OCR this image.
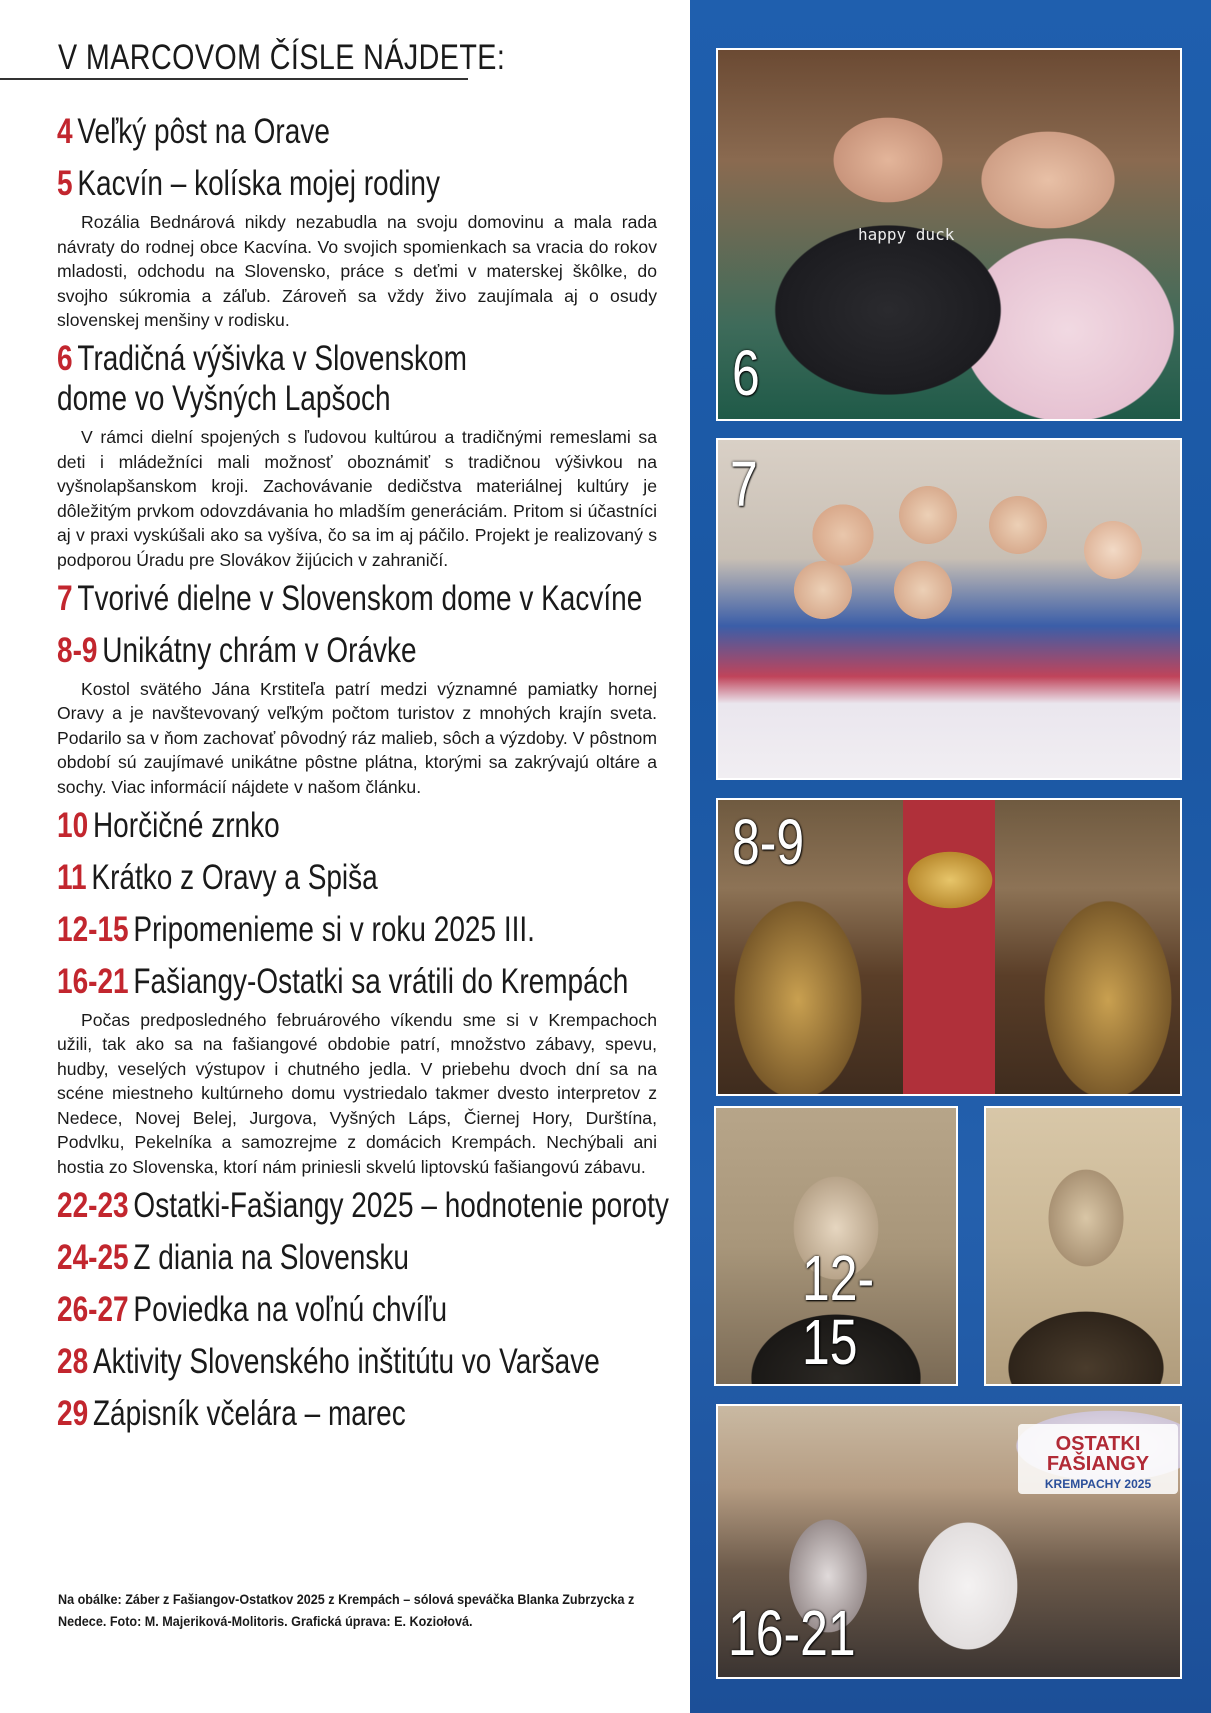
V MARCOVOM ČÍSLE NÁJDETE:
4 Veľký pôst na Orave
5 Kacvín – kolíska mojej rodiny

Rozália Bednárová nikdy nezabudla na svoju domovinu a mala rada návraty do rodnej obce Kacvína. Vo svojich spomienkach sa vracia do rokov mladosti, odchodu na Slovensko, práce s deťmi v materskej škôlke, do svojho súkromia a záľub. Zároveň sa vždy živo zaujímala aj o osudy slovenskej menšiny v rodisku.

6 Tradičná výšivka v Slovenskom dome vo Vyšných Lapšoch

V rámci dielní spojených s ľudovou kultúrou a tradičnými remeslami sa deti i mládežníci mali možnosť oboznámiť s tradičnou výšivkou na vyšnolapšanskom kroji. Zachovávanie dedičstva materiálnej kultúry je dôležitým prvkom odovzdávania ho mladším generáciám. Pritom si účastníci aj v praxi vyskúšali ako sa vyšíva, čo sa im aj páčilo. Projekt je realizovaný s podporou Úradu pre Slovákov žijúcich v zahraničí.

7 Tvorivé dielne v Slovenskom dome v Kacvíne
8-9 Unikátny chrám v Orávke

Kostol svätého Jána Krstiteľa patrí medzi významné pamiatky hornej Oravy a je navštevovaný veľkým počtom turistov z mnohých krajín sveta. Podarilo sa v ňom zachovať pôvodný ráz malieb, sôch a výzdoby. V pôstnom období sú zaujímavé unikátne pôstne plátna, ktorými sa zakrývajú oltáre a sochy. Viac informácií nájdete v našom článku.

10 Horčičné zrnko
11 Krátko z Oravy a Spiša
12-15 Pripomenieme si v roku 2025 III.
16-21 Fašiangy-Ostatki sa vrátili do Krempách

Počas predposledného februárového víkendu sme si v Krempachoch užili, tak ako sa na fašiangové obdobie patrí, množstvo zábavy, spevu, hudby, veselých výstupov i chutného jedla. V priebehu dvoch dní sa na scéne miestneho kultúrneho domu vystriedalo takmer dvesto interpretov z Nedece, Novej Belej, Jurgova, Vyšných Láps, Čiernej Hory, Durštína, Podvlku, Pekelníka a samozrejme z domácich Krempách. Nechýbali ani hostia zo Slovenska, ktorí nám priniesli skvelú liptovskú fašiangovú zábavu.

22-23 Ostatki-Fašiangy 2025 – hodnotenie poroty
24-25 Z diania na Slovensku
26-27 Poviedka na voľnú chvíľu
28 Aktivity Slovenského inštitútu vo Varšave
29 Zápisník včelára – marec
Na obálke: Záber z Fašiangov-Ostatkov 2025 z Krempách – sólová speváčka Blanka Zubrzycka z Nedece. Foto: M. Majeriková-Molitoris. Grafická úprava: E. Koziołová.
happy duck
6
7
8-9
12-15
OSTATKI
FAŠIANGY
KREMPACHY 2025
16-21
